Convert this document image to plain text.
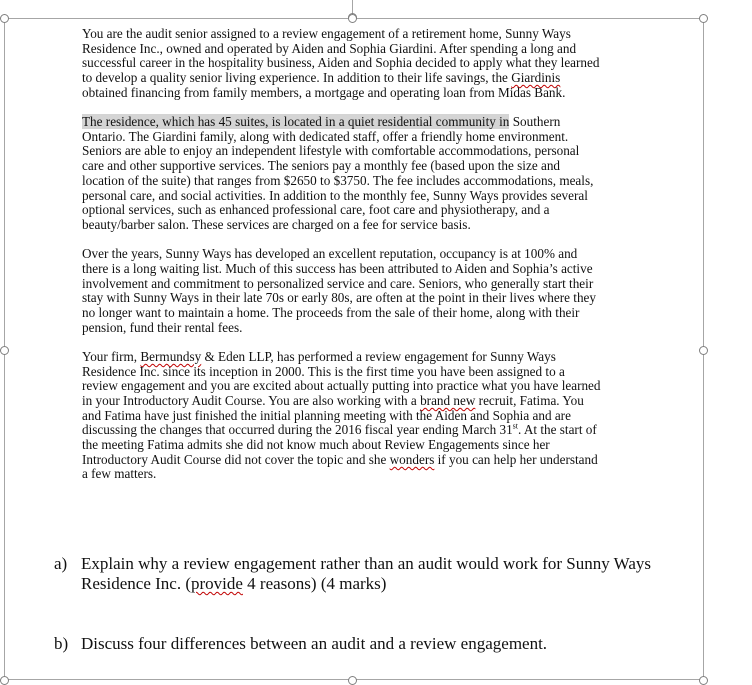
You are the audit senior assigned to a review engagement of a retirement home, Sunny Ways Residence Inc., owned and operated by Aiden and Sophia Giardini. After spending a long and successful career in the hospitality business, Aiden and Sophia decided to apply what they learned to develop a quality senior living experience. In addition to their life savings, the Giardinis obtained financing from family members, a mortgage and operating loan from Midas Bank.

The residence, which has 45 suites, is located in a quiet residential community in Southern Ontario. The Giardini family, along with dedicated staff, offer a friendly home environment. Seniors are able to enjoy an independent lifestyle with comfortable accommodations, personal care and other supportive services. The seniors pay a monthly fee (based upon the size and location of the suite) that ranges from $2650 to $3750. The fee includes accommodations, meals, personal care, and social activities. In addition to the monthly fee, Sunny Ways provides several optional services, such as enhanced professional care, foot care and physiotherapy, and a beauty/barber salon. These services are charged on a fee for service basis.

Over the years, Sunny Ways has developed an excellent reputation, occupancy is at 100% and there is a long waiting list. Much of this success has been attributed to Aiden and Sophia’s active involvement and commitment to personalized service and care. Seniors, who generally start their stay with Sunny Ways in their late 70s or early 80s, are often at the point in their lives where they no longer want to maintain a home. The proceeds from the sale of their home, along with their pension, fund their rental fees.

Your firm, Bermundsy & Eden LLP, has performed a review engagement for Sunny Ways Residence Inc. since its inception in 2000. This is the first time you have been assigned to a review engagement and you are excited about actually putting into practice what you have learned in your Introductory Audit Course. You are also working with a brand new recruit, Fatima. You and Fatima have just finished the initial planning meeting with the Aiden and Sophia and are discussing the changes that occurred during the 2016 fiscal year ending March 31st. At the start of the meeting Fatima admits she did not know much about Review Engagements since her Introductory Audit Course did not cover the topic and she wonders if you can help her understand a few matters.

a) Explain why a review engagement rather than an audit would work for Sunny Ways Residence Inc. (provide 4 reasons) (4 marks)
b) Discuss four differences between an audit and a review engagement.
